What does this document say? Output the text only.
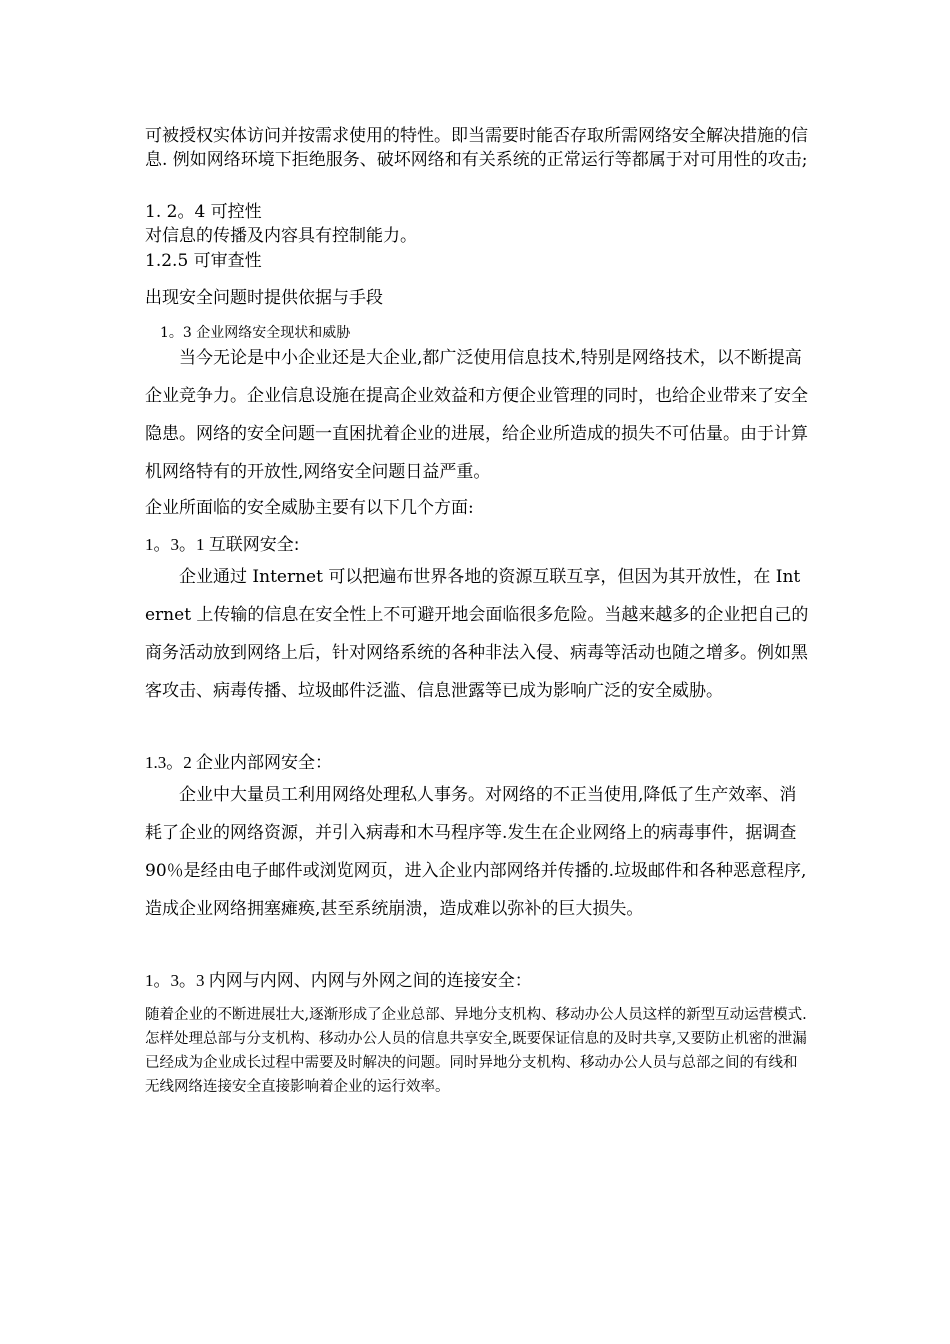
可被授权实体访问并按需求使用的特性。即当需要时能否存取所需网络安全解决措施的信息. 例如网络环境下拒绝服务、破坏网络和有关系统的正常运行等都属于对可用性的攻击;

1. 2。4 可控性

对信息的传播及内容具有控制能力。

1.2.5 可审查性

出现安全问题时提供依据与手段

1。3 企业网络安全现状和威胁

当今无论是中小企业还是大企业,都广泛使用信息技术,特别是网络技术，以不断提高企业竞争力。企业信息设施在提高企业效益和方便企业管理的同时，也给企业带来了安全隐患。网络的安全问题一直困扰着企业的进展，给企业所造成的损失不可估量。由于计算机网络特有的开放性,网络安全问题日益严重。

企业所面临的安全威胁主要有以下几个方面:

1。3。1 互联网安全:

企业通过 Internet 可以把遍布世界各地的资源互联互享，但因为其开放性，在 Internet 上传输的信息在安全性上不可避开地会面临很多危险。当越来越多的企业把自己的商务活动放到网络上后，针对网络系统的各种非法入侵、病毒等活动也随之增多。例如黑客攻击、病毒传播、垃圾邮件泛滥、信息泄露等已成为影响广泛的安全威胁。

1.3。2 企业内部网安全：

企业中大量员工利用网络处理私人事务。对网络的不正当使用,降低了生产效率、消耗了企业的网络资源，并引入病毒和木马程序等.发生在企业网络上的病毒事件，据调查 90％是经由电子邮件或浏览网页，进入企业内部网络并传播的.垃圾邮件和各种恶意程序,造成企业网络拥塞瘫痪,甚至系统崩溃，造成难以弥补的巨大损失。

1。3。3 内网与内网、内网与外网之间的连接安全：

随着企业的不断进展壮大,逐渐形成了企业总部、异地分支机构、移动办公人员这样的新型互动运营模式.怎样处理总部与分支机构、移动办公人员的信息共享安全,既要保证信息的及时共享,又要防止机密的泄漏已经成为企业成长过程中需要及时解决的问题。同时异地分支机构、移动办公人员与总部之间的有线和无线网络连接安全直接影响着企业的运行效率。
